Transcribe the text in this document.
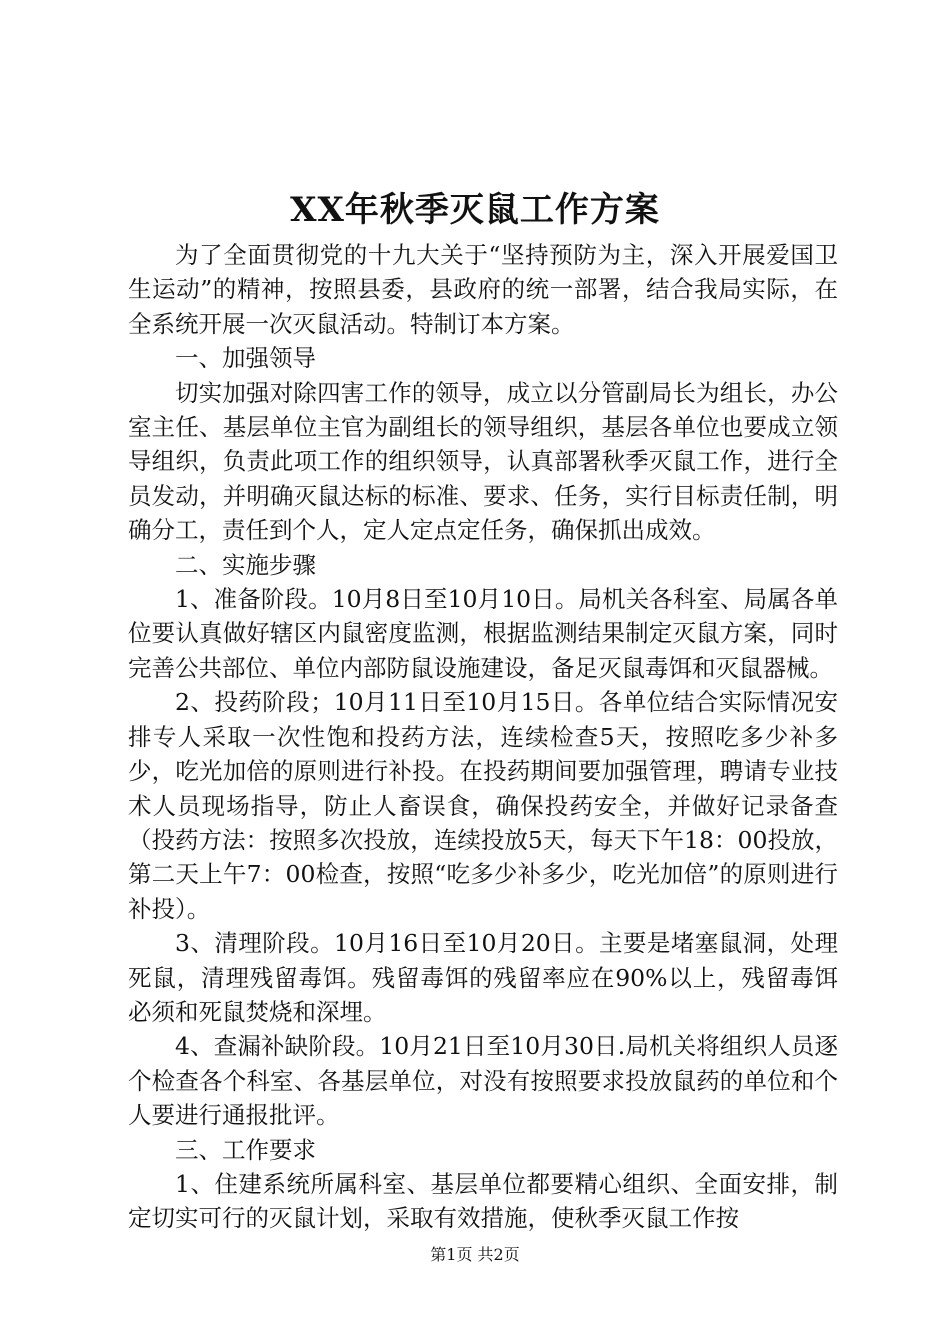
XX年秋季灭鼠工作方案

为了全面贯彻党的十九大关于“坚持预防为主，深入开展爱国卫生运动”的精神，按照县委，县政府的统一部署，结合我局实际，在全系统开展一次灭鼠活动。特制订本方案。

一、加强领导

切实加强对除四害工作的领导，成立以分管副局长为组长，办公室主任、基层单位主官为副组长的领导组织，基层各单位也要成立领导组织，负责此项工作的组织领导，认真部署秋季灭鼠工作，进行全员发动，并明确灭鼠达标的标准、要求、任务，实行目标责任制，明确分工，责任到个人，定人定点定任务，确保抓出成效。

二、实施步骤

1、准备阶段。10月8日至10月10日。局机关各科室、局属各单位要认真做好辖区内鼠密度监测，根据监测结果制定灭鼠方案，同时完善公共部位、单位内部防鼠设施建设，备足灭鼠毒饵和灭鼠器械。

2、投药阶段；10月11日至10月15日。各单位结合实际情况安排专人采取一次性饱和投药方法，连续检查5天，按照吃多少补多少，吃光加倍的原则进行补投。在投药期间要加强管理，聘请专业技术人员现场指导，防止人畜误食，确保投药安全，并做好记录备查（投药方法：按照多次投放，连续投放5天，每天下午18：00投放，第二天上午7：00检查，按照“吃多少补多少，吃光加倍”的原则进行补投）。

3、清理阶段。10月16日至10月20日。主要是堵塞鼠洞，处理死鼠，清理残留毒饵。残留毒饵的残留率应在90%以上，残留毒饵必须和死鼠焚烧和深埋。

4、查漏补缺阶段。10月21日至10月30日.局机关将组织人员逐个检查各个科室、各基层单位，对没有按照要求投放鼠药的单位和个人要进行通报批评。

三、工作要求

1、住建系统所属科室、基层单位都要精心组织、全面安排，制定切实可行的灭鼠计划，采取有效措施，使秋季灭鼠工作按

第1页 共2页
